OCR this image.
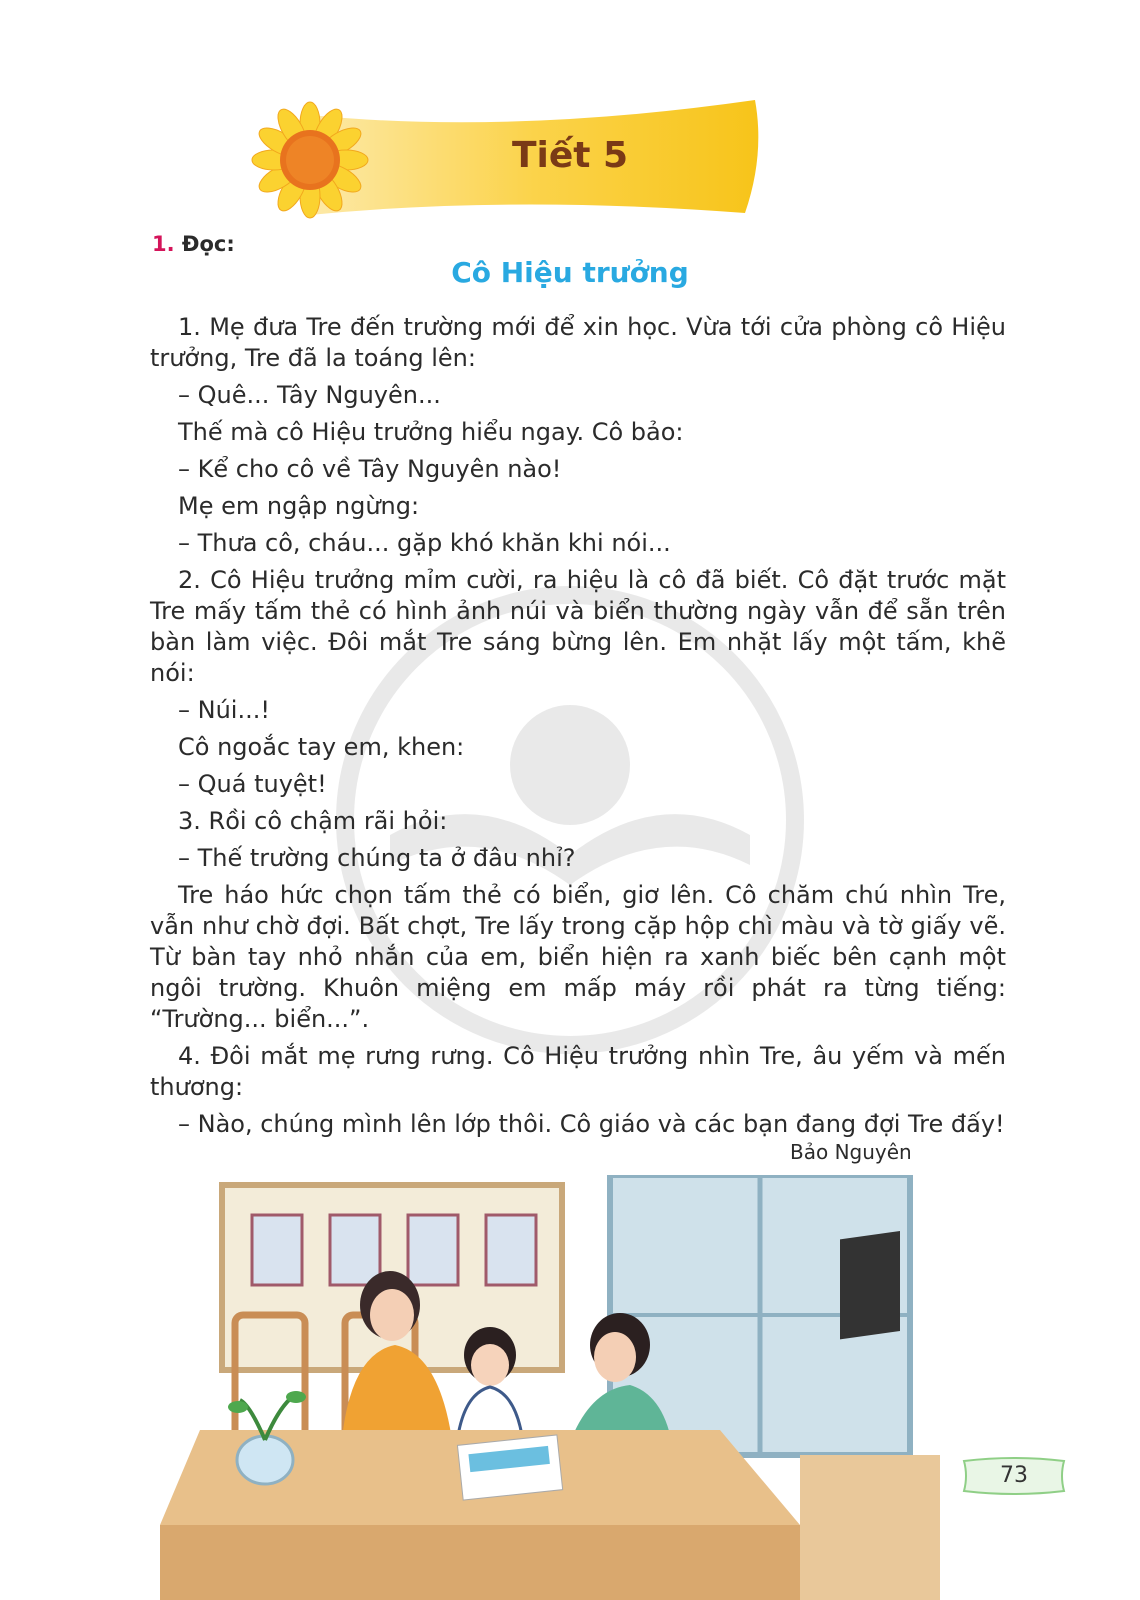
Tiết 5
1. Đọc:
Cô Hiệu trưởng

1. Mẹ đưa Tre đến trường mới để xin học. Vừa tới cửa phòng cô Hiệu trưởng, Tre đã la toáng lên:

– Quê... Tây Nguyên...

Thế mà cô Hiệu trưởng hiểu ngay. Cô bảo:

– Kể cho cô về Tây Nguyên nào!

Mẹ em ngập ngừng:

– Thưa cô, cháu... gặp khó khăn khi nói...

2. Cô Hiệu trưởng mỉm cười, ra hiệu là cô đã biết. Cô đặt trước mặt Tre mấy tấm thẻ có hình ảnh núi và biển thường ngày vẫn để sẵn trên bàn làm việc. Đôi mắt Tre sáng bừng lên. Em nhặt lấy một tấm, khẽ nói:

– Núi...!

Cô ngoắc tay em, khen:

– Quá tuyệt!

3. Rồi cô chậm rãi hỏi:

– Thế trường chúng ta ở đâu nhỉ?

Tre háo hức chọn tấm thẻ có biển, giơ lên. Cô chăm chú nhìn Tre, vẫn như chờ đợi. Bất chợt, Tre lấy trong cặp hộp chì màu và tờ giấy vẽ. Từ bàn tay nhỏ nhắn của em, biển hiện ra xanh biếc bên cạnh một ngôi trường. Khuôn miệng em mấp máy rồi phát ra từng tiếng: “Trường... biển...”.

4. Đôi mắt mẹ rưng rưng. Cô Hiệu trưởng nhìn Tre, âu yếm và mến thương:

– Nào, chúng mình lên lớp thôi. Cô giáo và các bạn đang đợi Tre đấy!

Bảo Nguyên
73
